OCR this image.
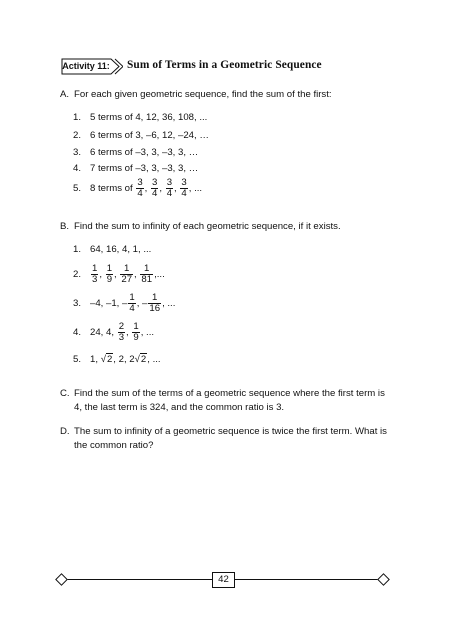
Activity 11: Sum of Terms in a Geometric Sequence
A. For each given geometric sequence, find the sum of the first:
1. 5 terms of 4, 12, 36, 108, ...
2. 6 terms of 3, –6, 12, –24, …
3. 6 terms of –3, 3, –3, 3, …
4. 7 terms of –3, 3, –3, 3, …
5. 8 terms of
$\frac{3}{4}$ , $\frac{3}{4}$ , $\frac{3}{4}$ , $\frac{3}{4}$ , ...
B. Find the sum to infinity of each geometric sequence, if it exists.
1. 64, 16, 4, 1, ...
2.	$\frac{1}{3}$ , $\frac{1}{9}$ , $\frac{1}{27}$ , $\frac{1}{81}$ , ...
3. –4, –1,
– $\frac{1}{4}$ , – $\frac{1}{16}$ , ...
4. 24, 4,
$\frac{2}{3}$ , $\frac{1}{9}$ , ...
5. 1,
√2 , 2, 2 √2 , ...
C. Find the sum of the terms of a geometric sequence where the first term is
4, the last term is 324, and the common ratio is 3.
D. The sum to infinity of a geometric sequence is twice the first term. What is
the common ratio?
42
